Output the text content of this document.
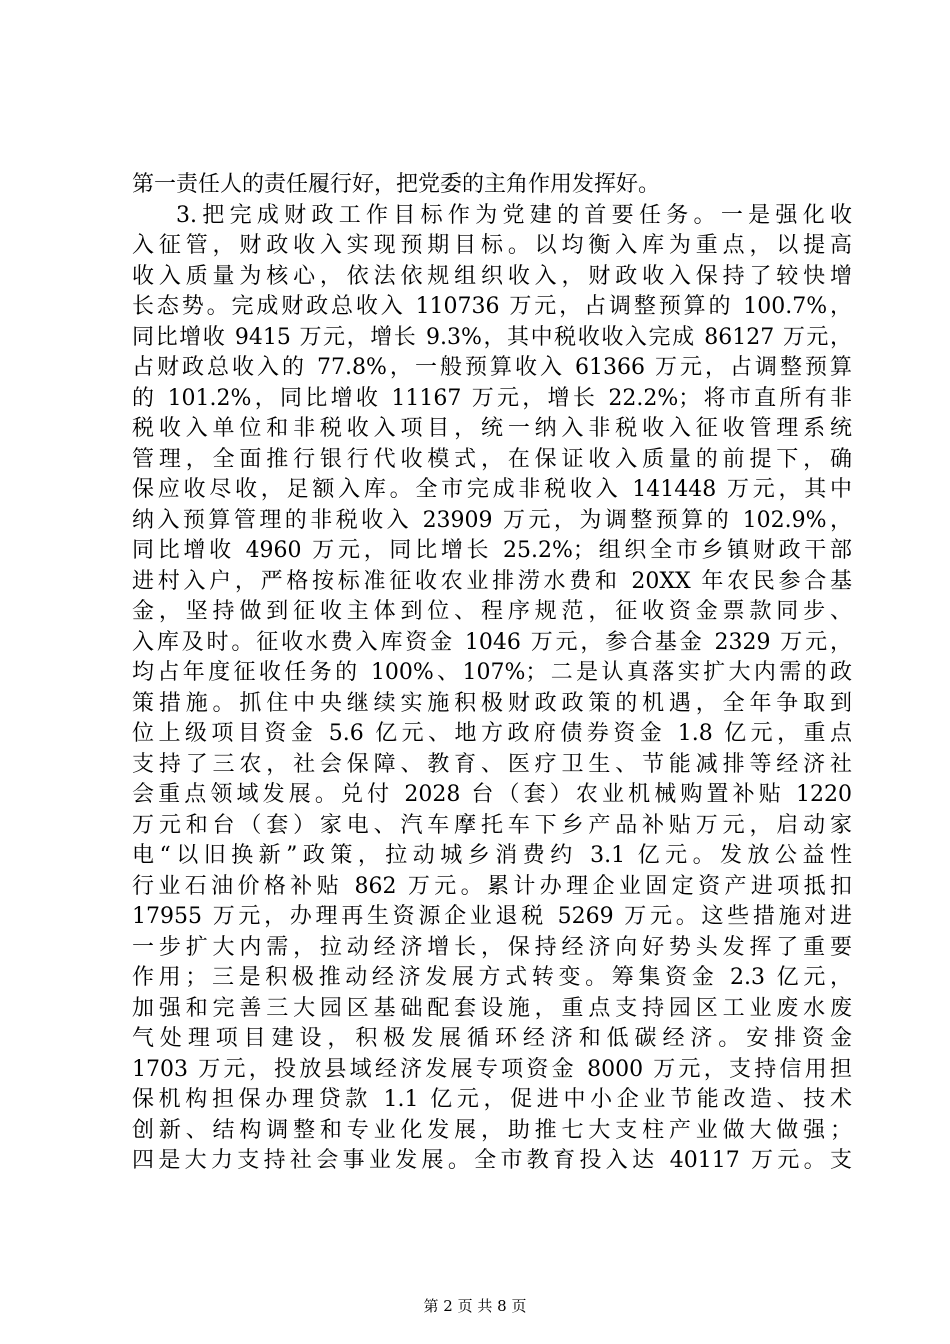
第一责任人的责任履行好，把党委的主角作用发挥好。
3.把完成财政工作目标作为党建的首要任务。一是强化收
入征管，财政收入实现预期目标。以均衡入库为重点，以提高
收入质量为核心，依法依规组织收入，财政收入保持了较快增
长态势。完成财政总收入 110736 万元，占调整预算的 100.7%，
同比增收 9415 万元，增长 9.3%，其中税收收入完成 86127 万元，
占财政总收入的 77.8%，一般预算收入 61366 万元，占调整预算
的 101.2%，同比增收 11167 万元，增长 22.2%；将市直所有非
税收入单位和非税收入项目，统一纳入非税收入征收管理系统
管理，全面推行银行代收模式，在保证收入质量的前提下，确
保应收尽收，足额入库。全市完成非税收入 141448 万元，其中
纳入预算管理的非税收入 23909 万元，为调整预算的 102.9%，
同比增收 4960 万元，同比增长 25.2%；组织全市乡镇财政干部
进村入户，严格按标准征收农业排涝水费和 20XX 年农民参合基
金，坚持做到征收主体到位、程序规范，征收资金票款同步、
入库及时。征收水费入库资金 1046 万元，参合基金 2329 万元，
均占年度征收任务的 100%、107%；二是认真落实扩大内需的政
策措施。抓住中央继续实施积极财政政策的机遇，全年争取到
位上级项目资金 5.6 亿元、地方政府债券资金 1.8 亿元，重点
支持了三农，社会保障、教育、医疗卫生、节能减排等经济社
会重点领域发展。兑付 2028 台（套）农业机械购置补贴 1220
万元和台（套）家电、汽车摩托车下乡产品补贴万元，启动家
电“以旧换新”政策，拉动城乡消费约 3.1 亿元。发放公益性
行业石油价格补贴 862 万元。累计办理企业固定资产进项抵扣
17955 万元，办理再生资源企业退税 5269 万元。这些措施对进
一步扩大内需，拉动经济增长，保持经济向好势头发挥了重要
作用；三是积极推动经济发展方式转变。筹集资金 2.3 亿元，
加强和完善三大园区基础配套设施，重点支持园区工业废水废
气处理项目建设，积极发展循环经济和低碳经济。安排资金
1703 万元，投放县域经济发展专项资金 8000 万元，支持信用担
保机构担保办理贷款 1.1 亿元，促进中小企业节能改造、技术
创新、结构调整和专业化发展，助推七大支柱产业做大做强；
四是大力支持社会事业发展。全市教育投入达 40117 万元。支
第 2 页 共 8 页
